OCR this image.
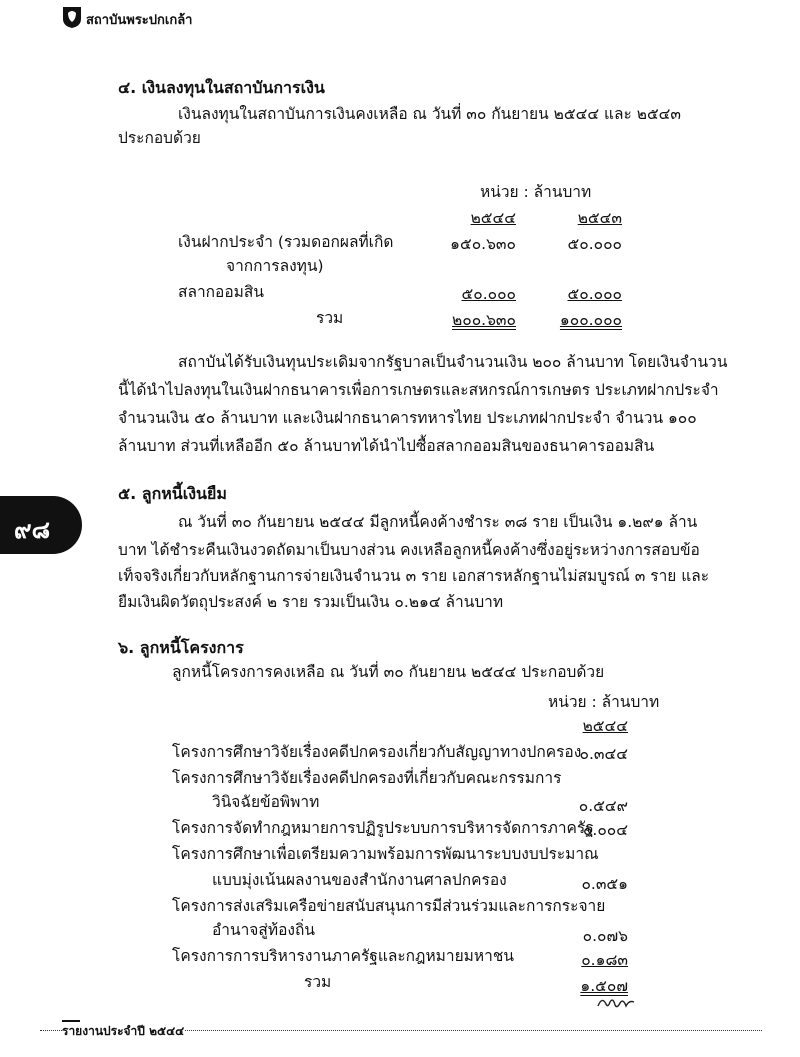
สถาบันพระปกเกล้า
๔. เงินลงทุนในสถาบันการเงิน
เงินลงทุนในสถาบันการเงินคงเหลือ ณ วันที่ ๓๐ กันยายน ๒๕๔๔ และ ๒๕๔๓
ประกอบด้วย
หน่วย : ล้านบาท
๒๕๔๔	๒๕๔๓
เงินฝากประจำ (รวมดอกผลที่เกิด
จากการลงทุน)
๑๕๐.๖๓๐	๕๐.๐๐๐
สลากออมสิน	๕๐.๐๐๐	๕๐.๐๐๐
รวม	๒๐๐.๖๓๐	๑๐๐.๐๐๐
สถาบันได้รับเงินทุนประเดิมจากรัฐบาลเป็นจำนวนเงิน ๒๐๐ ล้านบาท โดยเงินจำนวน
นี้ได้นำไปลงทุนในเงินฝากธนาคารเพื่อการเกษตรและสหกรณ์การเกษตร ประเภทฝากประจำ
จำนวนเงิน ๕๐ ล้านบาท และเงินฝากธนาคารทหารไทย ประเภทฝากประจำ จำนวน ๑๐๐
ล้านบาท ส่วนที่เหลืออีก ๕๐ ล้านบาทได้นำไปซื้อสลากออมสินของธนาคารออมสิน
๙๘
๕. ลูกหนี้เงินยืม
ณ วันที่ ๓๐ กันยายน ๒๕๔๔ มีลูกหนี้คงค้างชำระ ๓๘ ราย เป็นเงิน ๑.๒๙๑ ล้าน
บาท ได้ชำระคืนเงินงวดถัดมาเป็นบางส่วน คงเหลือลูกหนี้คงค้างซึ่งอยู่ระหว่างการสอบข้อ
เท็จจริงเกี่ยวกับหลักฐานการจ่ายเงินจำนวน ๓ ราย เอกสารหลักฐานไม่สมบูรณ์ ๓ ราย และ
ยืมเงินผิดวัตถุประสงค์ ๒ ราย รวมเป็นเงิน ๐.๒๑๔ ล้านบาท
๖. ลูกหนี้โครงการ
ลูกหนี้โครงการคงเหลือ ณ วันที่ ๓๐ กันยายน ๒๕๔๔ ประกอบด้วย
หน่วย : ล้านบาท
๒๕๔๔
โครงการศึกษาวิจัยเรื่องคดีปกครองเกี่ยวกับสัญญาทางปกครอง
๐.๓๔๔
โครงการศึกษาวิจัยเรื่องคดีปกครองที่เกี่ยวกับคณะกรรมการ
วินิจฉัยข้อพิพาท	๐.๕๔๙
โครงการจัดทำกฎหมายการปฏิรูประบบการบริหารจัดการภาครัฐ
๐.๐๐๔
โครงการศึกษาเพื่อเตรียมความพร้อมการพัฒนาระบบงบประมาณ
แบบมุ่งเน้นผลงานของสำนักงานศาลปกครอง	๐.๓๕๑
โครงการส่งเสริมเครือข่ายสนับสนุนการมีส่วนร่วมและการกระจาย
อำนาจสู่ท้องถิ่น	๐.๐๗๖
โครงการการบริหารงานภาครัฐและกฎหมายมหาชน	๐.๑๘๓
รวม	๑.๕๐๗
รายงานประจำปี ๒๕๔๔
